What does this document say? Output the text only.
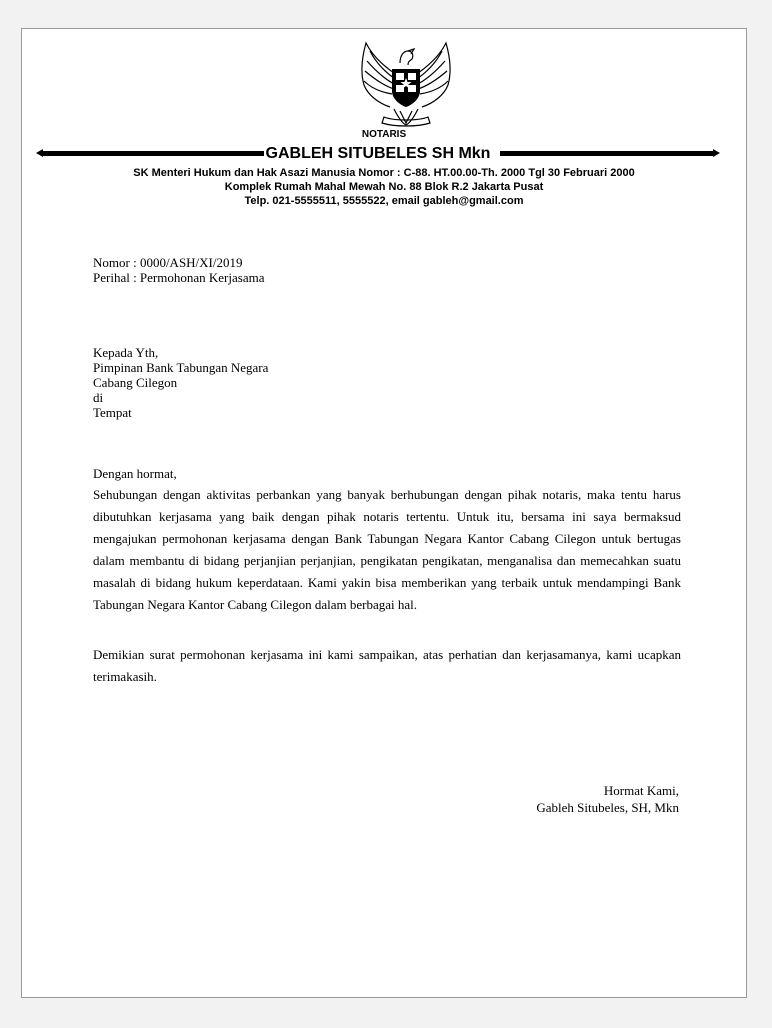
NOTARIS
GABLEH SITUBELES SH Mkn
SK Menteri Hukum dan Hak Asazi Manusia Nomor : C-88. HT.00.00-Th. 2000 Tgl 30 Februari 2000
Komplek Rumah Mahal Mewah No. 88 Blok R.2 Jakarta Pusat
Telp. 021-5555511, 5555522, email gableh@gmail.com
Nomor : 0000/ASH/XI/2019
Perihal : Permohonan Kerjasama
Kepada Yth,
Pimpinan Bank Tabungan Negara
Cabang Cilegon
di
Tempat
Dengan hormat,
Sehubungan dengan aktivitas perbankan yang banyak berhubungan dengan pihak notaris, maka tentu harus dibutuhkan kerjasama yang baik dengan pihak notaris tertentu. Untuk itu, bersama ini saya bermaksud mengajukan permohonan kerjasama dengan Bank Tabungan Negara Kantor Cabang Cilegon untuk bertugas dalam membantu di bidang perjanjian perjanjian, pengikatan pengikatan, menganalisa dan memecahkan suatu masalah di bidang hukum keperdataan. Kami yakin bisa memberikan yang terbaik untuk mendampingi Bank Tabungan Negara Kantor Cabang Cilegon dalam berbagai hal.
Demikian surat permohonan kerjasama ini kami sampaikan, atas perhatian dan kerjasamanya, kami ucapkan terimakasih.
Hormat Kami,
Gableh Situbeles, SH, Mkn
